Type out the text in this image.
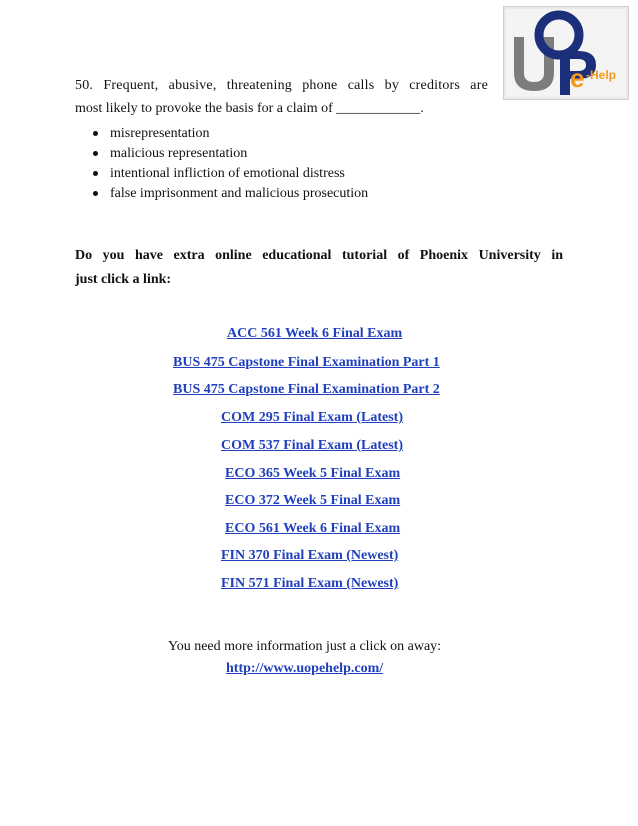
e -Help
50. Frequent, abusive, threatening phone calls by creditors are
most likely to provoke the basis for a claim of ____________.
misrepresentation
malicious representation
intentional infliction of emotional distress
false imprisonment and malicious prosecution
Do you have extra online educational tutorial of Phoenix University in
just click a link:
ACC 561 Week 6 Final Exam
BUS 475 Capstone Final Examination Part 1
BUS 475 Capstone Final Examination Part 2
COM 295 Final Exam (Latest)
COM 537 Final Exam (Latest)
ECO 365 Week 5 Final Exam
ECO 372 Week 5 Final Exam
ECO 561 Week 6 Final Exam
FIN 370 Final Exam (Newest)
FIN 571 Final Exam (Newest)
You need more information just a click on away:
http://www.uopehelp.com/
